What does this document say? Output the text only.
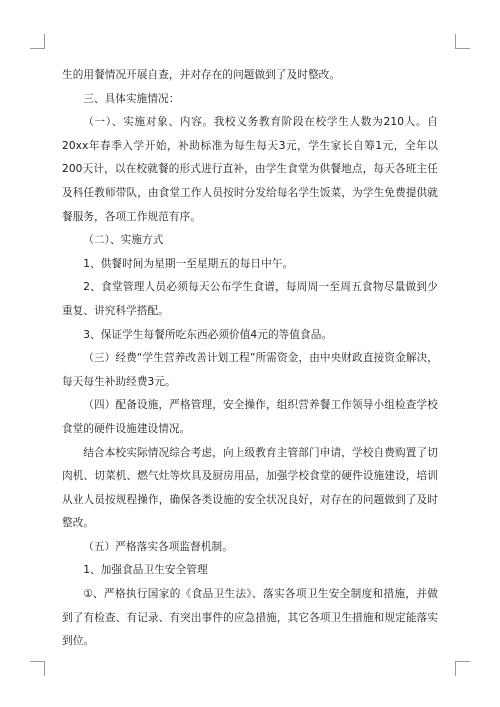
生的用餐情况开展自查，并对存在的问题做到了及时整改。

三、具体实施情况：

（一）、实施对象、内容。我校义务教育阶段在校学生人数为210人。自20xx年春季入学开始，补助标准为每生每天3元，学生家长自筹1元，全年以200天计，以在校就餐的形式进行直补，由学生食堂为供餐地点，每天各班主任及科任教师带队，由食堂工作人员按时分发给每名学生饭菜，为学生免费提供就餐服务，各项工作规范有序。

（二）、实施方式

1、供餐时间为星期一至星期五的每日中午。

2、食堂管理人员必须每天公布学生食谱，每周周一至周五食物尽量做到少重复、讲究科学搭配。

3、保证学生每餐所吃东西必须价值4元的等值食品。

（三）经费“学生营养改善计划工程”所需资金，由中央财政直接资金解决，每天每生补助经费3元。

（四）配备设施，严格管理，安全操作，组织营养餐工作领导小组检查学校食堂的硬件设施建设情况。

结合本校实际情况综合考虑，向上级教育主管部门申请，学校自费购置了切肉机、切菜机、燃气灶等炊具及厨房用品，加强学校食堂的硬件设施建设，培训从业人员按规程操作，确保各类设施的安全状况良好，对存在的问题做到了及时整改。

（五）严格落实各项监督机制。

1、加强食品卫生安全管理

①、严格执行国家的《食品卫生法》、落实各项卫生安全制度和措施，并做到了有检查、有记录、有突出事件的应急措施，其它各项卫生措施和规定能落实到位。
